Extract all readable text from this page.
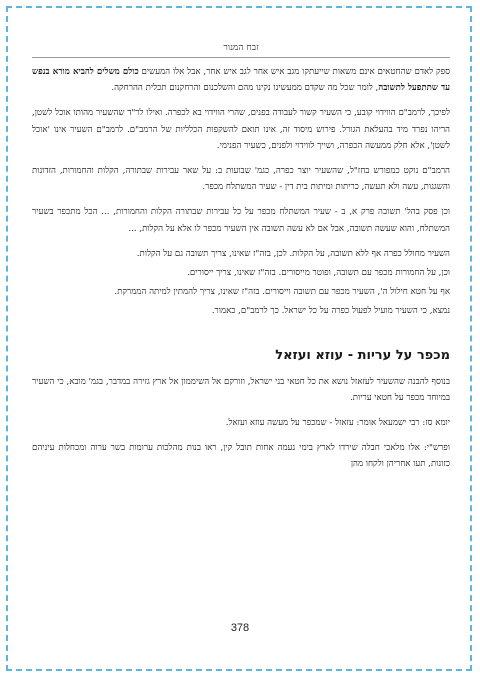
זבח המנור

ספק לאדם שהחטאים אינם משאות שייעתקו מגב איש אחר לגב איש אחר, אבל אלו המעשים כולם משלים להביא מורא בנפש עד שתתפעל לתשובה, לומר שכל מה שקדם ממעשינו נקינו מהם והשלכנום והרחקנום תכלית ההרחקה.

לפיכך, לרמב"ם הווידוי קובע, כי השעיר קשור לעבודה בפנים, שהרי הווידוי בא לכפרה. ואילו לר"ד שהשעיר מהותו אוכל לשטן, הריהו נפרד מיד בהעלאת הגורל. פירוש מיסוד זה, אינו תואם להשקפות הכלליות של הרמב"ם. לרמב"ם השעיר אינו 'אוכל לשטן', אלא חלק ממעשה הכפרה, ושייך לווידוי ולפנים, כשעיר הפנימי.

הרמב"ם נוקט כמפורש בחז"ל, שהשעיר יוצר כפרה, כגמ' שבועות ב: על שאר עבירות שבתורה, הקלות והחמורות, הזדונות והשגגות, עשה ולא תעשה, כריתות ומיתות בית דין - שעיר המשתלח מכפר.

וכן פסק בהל' תשובה פרק א, ב - שעיר המשתלח מכפר על כל עבירות שבתורה הקלות והחמורות, ... הכל מתכפר בשעיר המשתלח, והוא שעשה תשובה, אבל אם לא עשה תשובה אין השעיר מכפר לו אלא על הקלות, ...

השעיר מחולל כפרה אף ללא תשובה, על הקלות. לכן, בזה"ז שאינו, צריך תשובה גם על הקלות.

וכן, על החמורות מכפר עם תשובה, ופוטר מייסורים. בזה"ז שאינו, צריך ייסורים.

אף על חטא חילול ה', השעיר מכפר עם תשובה וייסורים. בזה"ז שאינו, צריך להמתין למיתה הממרקת.

נמצא, כי השעיר מועיל לפעול כפרה על כל ישראל. כך לרמב"ם, כאמור.

מכפר על עריות - עוזא ועזאל

בנוסף להבנה שהשעיר לעזאזל נושא את כל חטאי בני ישראל, וזורקם אל השיממון אל ארץ גזירה במדבר, בגמ' מובא, כי השעיר במיוחד מכפר על חטאי עריות.

יומא סז: רבי ישמעאל אומר: עזאזל - שמכפר על מעשה עוזא ועזאל.

ופרש"י: אלו מלאכי חבלה שירדו לארץ בימי נעמה אחות תובל קין, ראו בנות מהלכות ערומות בשר ערוה ומכחלות עיניהם כזונות, תעו אחריהן ולקחו מהן

378
